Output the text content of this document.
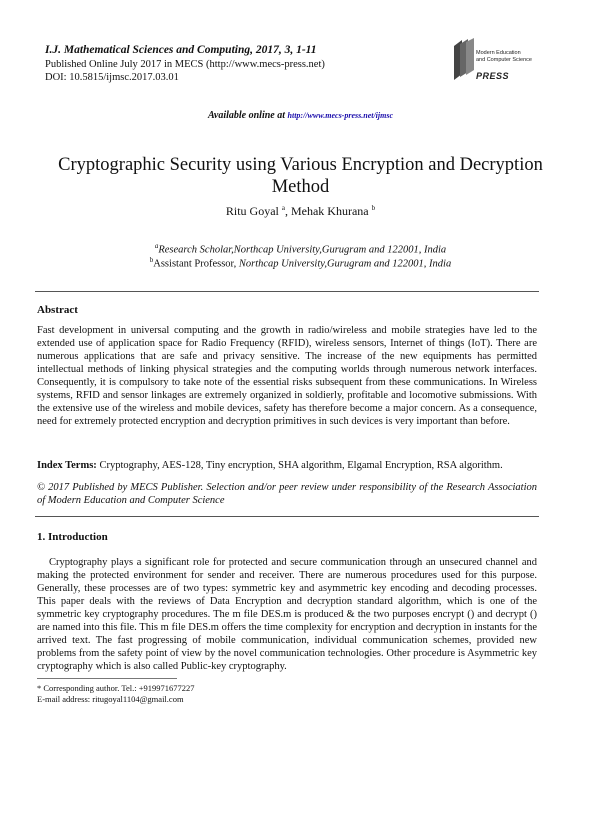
I.J. Mathematical Sciences and Computing, 2017, 3, 1-11
Published Online July 2017 in MECS (http://www.mecs-press.net)
DOI: 10.5815/ijmsc.2017.03.01
Modern Education
and Computer Science
PRESS
Available online at http://www.mecs-press.net/ijmsc
Cryptographic Security using Various Encryption and Decryption Method
Ritu Goyal $^a$, Mehak Khurana $^b$
$^a$Research Scholar,Northcap University,Gurugram and 122001, India
$^b$Assistant Professor, Northcap University,Gurugram and 122001, India
Abstract
Fast development in universal computing and the growth in radio/wireless and mobile strategies have led to the extended use of application space for Radio Frequency (RFID), wireless sensors, Internet of things (IoT). There are numerous applications that are safe and privacy sensitive. The increase of the new equipments has permitted intellectual methods of linking physical strategies and the computing worlds through numerous network interfaces. Consequently, it is compulsory to take note of the essential risks subsequent from these communications. In Wireless systems, RFID and sensor linkages are extremely organized in soldierly, profitable and locomotive submissions. With the extensive use of the wireless and mobile devices, safety has therefore become a major concern. As a consequence, need for extremely protected encryption and decryption primitives in such devices is very important than before.
Index Terms: Cryptography, AES-128, Tiny encryption, SHA algorithm, Elgamal Encryption, RSA algorithm.
© 2017 Published by MECS Publisher. Selection and/or peer review under responsibility of the Research Association of Modern Education and Computer Science
1. Introduction
Cryptography plays a significant role for protected and secure communication through an unsecured channel and making the protected environment for sender and receiver. There are numerous procedures used for this purpose. Generally, these processes are of two types: symmetric key and asymmetric key encoding and decoding processes. This paper deals with the reviews of Data Encryption and decryption standard algorithm, which is one of the symmetric key cryptography procedures. The m file DES.m is produced & the two purposes encrypt () and decrypt () are named into this file. This m file DES.m offers the time complexity for encryption and decryption in instants for the arrived text. The fast progressing of mobile communication, individual communication schemes, provided new problems from the safety point of view by the novel communication technologies. Other procedure is Asymmetric key cryptography which is also called Public-key cryptography.
* Corresponding author. Tel.: +919971677227
E-mail address: ritugoyal1104@gmail.com
